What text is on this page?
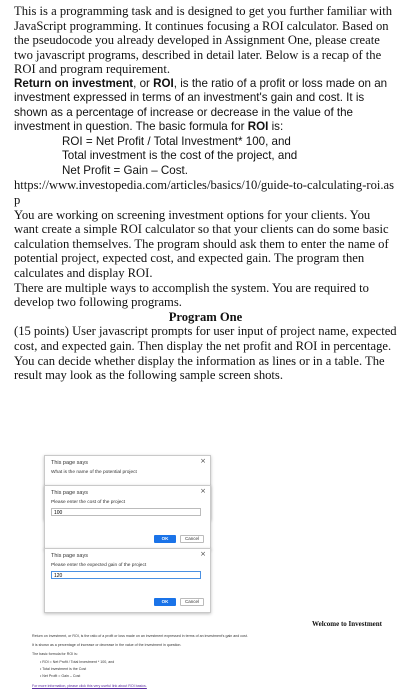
This is a programming task and is designed to get you further familiar with JavaScript programming. It continues focusing a ROI calculator. Based on the pseudocode you already developed in Assignment One, please create two javascript programs, described in detail later. Below is a recap of the ROI and program requirement.

Return on investment, or ROI, is the ratio of a profit or loss made on an investment expressed in terms of an investment's gain and cost. It is shown as a percentage of increase or decrease in the value of the investment in question. The basic formula for ROI is:

ROI = Net Profit / Total Investment* 100, and

Total investment is the cost of the project, and

Net Profit = Gain – Cost.

https://www.investopedia.com/articles/basics/10/guide-to-calculating-roi.asp

You are working on screening investment options for your clients. You want create a simple ROI calculator so that your clients can do some basic calculation themselves. The program should ask them to enter the name of potential project, expected cost, and expected gain. The program then calculates and display ROI.

There are multiple ways to accomplish the system. You are required to develop two following programs.

Program One

(15 points) User javascript prompts for user input of project name, expected cost, and expected gain. Then display the net profit and ROI in percentage. You can decide whether display the information as lines or in a table. The result may look as the following sample screen shots.

This page says	×
What is the name of the potential project
This page says	×
Please enter the cost of the project
100
OK	Cancel
This page says	×
Please enter the expected gain of the project
120
OK	Cancel
Welcome to Investment
Return on investment, or ROI, is the ratio of a profit or loss made on an investment expressed in terms of an investment's gain and cost.
It is shown as a percentage of increase or decrease in the value of the investment in question.
The basic formula for ROI is:
• ROI = Net Profit / Total Investment * 100, and
• Total investment is the Cost
• Net Profit = Gain – Cost
For more information, please click this very useful link about ROI basics.
